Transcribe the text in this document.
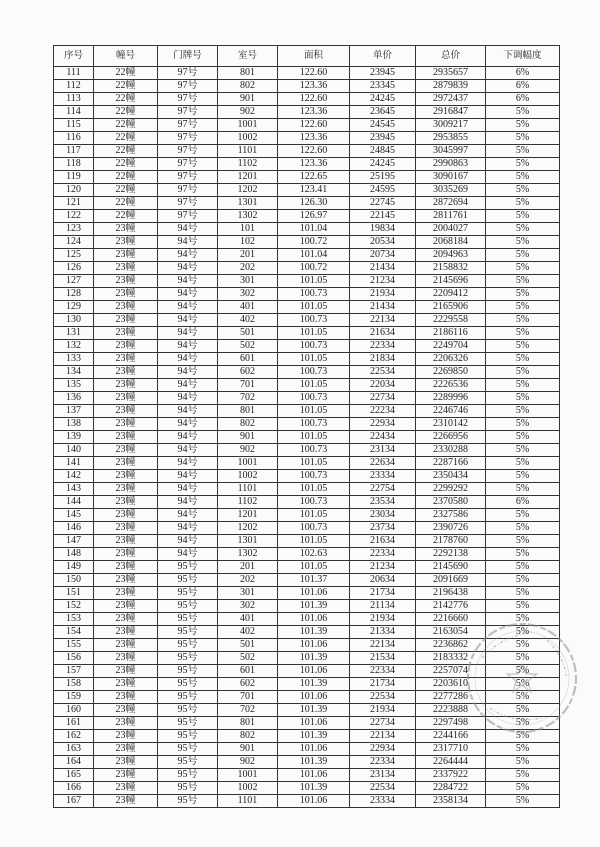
序号	幢号	门牌号	室号	面积	单价	总价	下调幅度
111	22幢	97号	801	122.60	23945	2935657	6%
112	22幢	97号	802	123.36	23345	2879839	6%
113	22幢	97号	901	122.60	24245	2972437	6%
114	22幢	97号	902	123.36	23645	2916847	5%
115	22幢	97号	1001	122.60	24545	3009217	5%
116	22幢	97号	1002	123.36	23945	2953855	5%
117	22幢	97号	1101	122.60	24845	3045997	5%
118	22幢	97号	1102	123.36	24245	2990863	5%
119	22幢	97号	1201	122.65	25195	3090167	5%
120	22幢	97号	1202	123.41	24595	3035269	5%
121	22幢	97号	1301	126.30	22745	2872694	5%
122	22幢	97号	1302	126.97	22145	2811761	5%
123	23幢	94号	101	101.04	19834	2004027	5%
124	23幢	94号	102	100.72	20534	2068184	5%
125	23幢	94号	201	101.04	20734	2094963	5%
126	23幢	94号	202	100.72	21434	2158832	5%
127	23幢	94号	301	101.05	21234	2145696	5%
128	23幢	94号	302	100.73	21934	2209412	5%
129	23幢	94号	401	101.05	21434	2165906	5%
130	23幢	94号	402	100.73	22134	2229558	5%
131	23幢	94号	501	101.05	21634	2186116	5%
132	23幢	94号	502	100.73	22334	2249704	5%
133	23幢	94号	601	101.05	21834	2206326	5%
134	23幢	94号	602	100.73	22534	2269850	5%
135	23幢	94号	701	101.05	22034	2226536	5%
136	23幢	94号	702	100.73	22734	2289996	5%
137	23幢	94号	801	101.05	22234	2246746	5%
138	23幢	94号	802	100.73	22934	2310142	5%
139	23幢	94号	901	101.05	22434	2266956	5%
140	23幢	94号	902	100.73	23134	2330288	5%
141	23幢	94号	1001	101.05	22634	2287166	5%
142	23幢	94号	1002	100.73	23334	2350434	5%
143	23幢	94号	1101	101.05	22754	2299292	5%
144	23幢	94号	1102	100.73	23534	2370580	6%
145	23幢	94号	1201	101.05	23034	2327586	5%
146	23幢	94号	1202	100.73	23734	2390726	5%
147	23幢	94号	1301	101.05	21634	2178760	5%
148	23幢	94号	1302	102.63	22334	2292138	5%
149	23幢	95号	201	101.05	21234	2145690	5%
150	23幢	95号	202	101.37	20634	2091669	5%
151	23幢	95号	301	101.06	21734	2196438	5%
152	23幢	95号	302	101.39	21134	2142776	5%
153	23幢	95号	401	101.06	21934	2216660	5%
154	23幢	95号	402	101.39	21334	2163054	5%
155	23幢	95号	501	101.06	22134	2236862	5%
156	23幢	95号	502	101.39	21534	2183332	5%
157	23幢	95号	601	101.06	22334	2257074	5%
158	23幢	95号	602	101.39	21734	2203610	5%
159	23幢	95号	701	101.06	22534	2277286	5%
160	23幢	95号	702	101.39	21934	2223888	5%
161	23幢	95号	801	101.06	22734	2297498	5%
162	23幢	95号	802	101.39	22134	2244166	5%
163	23幢	95号	901	101.06	22934	2317710	5%
164	23幢	95号	902	101.39	22334	2264444	5%
165	23幢	95号	1001	101.06	23134	2337922	5%
166	23幢	95号	1002	101.39	22534	2284722	5%
167	23幢	95号	1101	101.06	23334	2358134	5%
